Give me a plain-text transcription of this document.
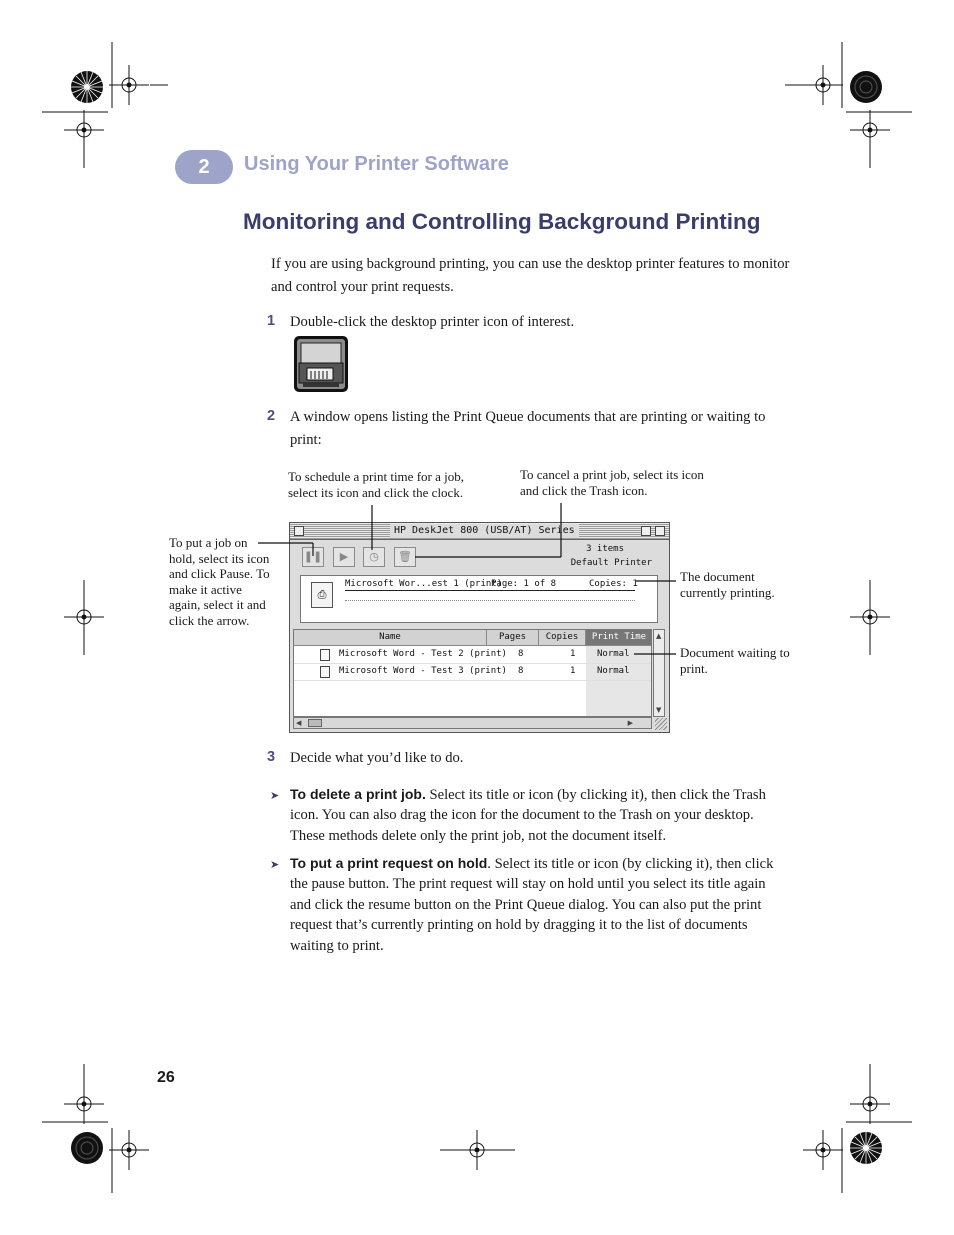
2	Using Your Printer Software
Monitoring and Controlling Background Printing
If you are using background printing, you can use the desktop printer features to monitor and control your print requests.
1 Double-click the desktop printer icon of interest.
2 A window opens listing the Print Queue documents that are printing or waiting to print:
To schedule a print time for a job, select its icon and click the clock.
To cancel a print job, select its icon and click the Trash icon.
To put a job on hold, select its icon and click Pause. To make it active again, select it and click the arrow.
The document currently printing.
Document waiting to print.
HP DeskJet 800 (USB/AT) Series
❚❚	▶	◷	🗑
3 items
Default Printer
⎙
Microsoft Wor...est 1 (print)
Page: 1 of 8	Copies: 1
Name	Pages	Copies	Print Time
Microsoft Word - Test 2 (print) 8	1 Normal
Microsoft Word - Test 3 (print) 8	1 Normal
▲
▼
◀	▶
3 Decide what you’d like to do.
➤ To delete a print job. Select its title or icon (by clicking it), then click the Trash icon. You can also drag the icon for the document to the Trash on your desktop. These methods delete only the print job, not the document itself.
➤ To put a print request on hold. Select its title or icon (by clicking it), then click the pause button. The print request will stay on hold until you select its title again and click the resume button on the Print Queue dialog. You can also put the print request that’s currently printing on hold by dragging it to the list of documents waiting to print.
26
